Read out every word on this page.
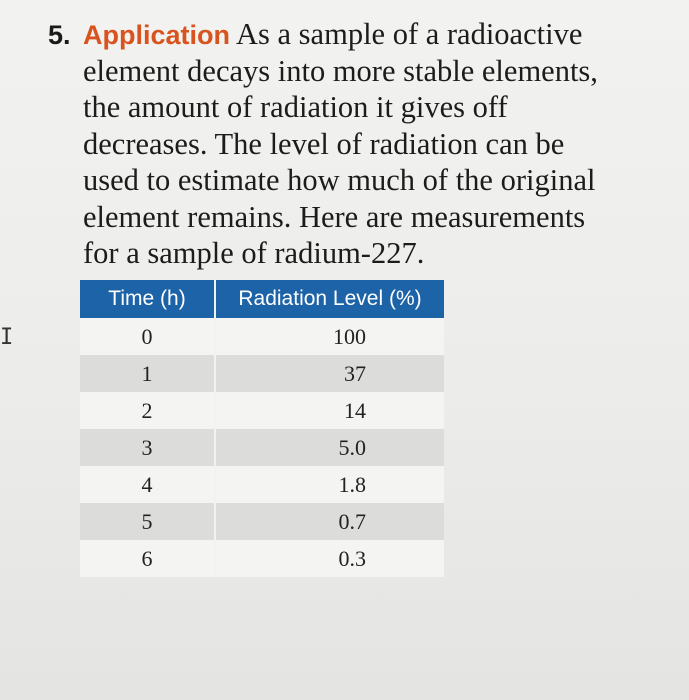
I
5. Application As a sample of a radioactive
element decays into more stable elements,
the amount of radiation it gives off
decreases. The level of radiation can be
used to estimate how much of the original
element remains. Here are measurements
for a sample of radium-227.
Time (h)	Radiation Level (%)
0	100
1	37
2	14
3	5.0
4	1.8
5	0.7
6	0.3
